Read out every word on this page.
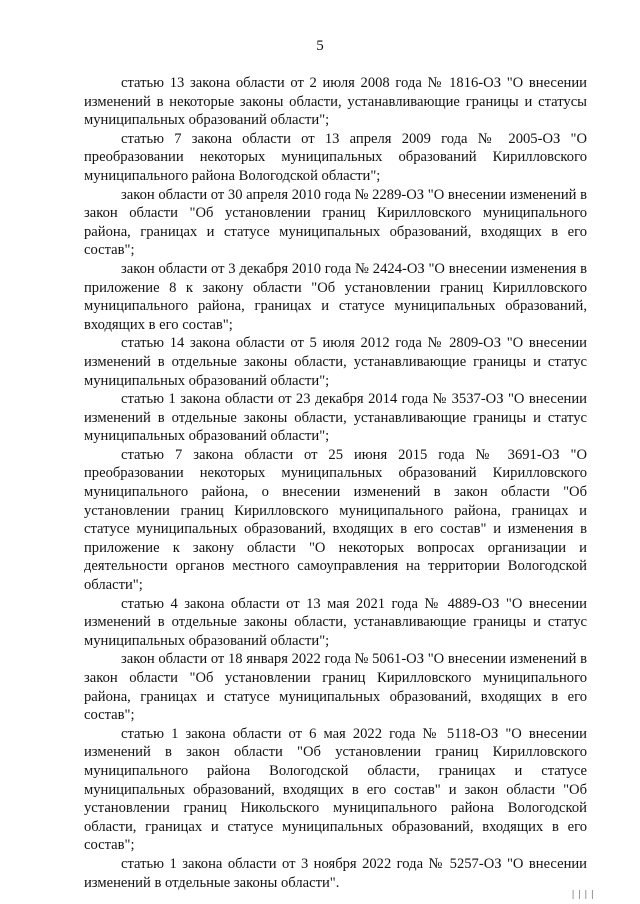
5

статью 13 закона области от 2 июля 2008 года № 1816-ОЗ "О внесении изменений в некоторые законы области, устанавливающие границы и статусы муниципальных образований области";

статью 7 закона области от 13 апреля 2009 года № 2005-ОЗ "О преобразовании некоторых муниципальных образований Кирилловского муниципального района Вологодской области";

закон области от 30 апреля 2010 года № 2289-ОЗ "О внесении изменений в закон области "Об установлении границ Кирилловского муниципального района, границах и статусе муниципальных образований, входящих в его состав";

закон области от 3 декабря 2010 года № 2424-ОЗ "О внесении изменения в приложение 8 к закону области "Об установлении границ Кирилловского муниципального района, границах и статусе муниципальных образований, входящих в его состав";

статью 14 закона области от 5 июля 2012 года № 2809-ОЗ "О внесении изменений в отдельные законы области, устанавливающие границы и статус муниципальных образований области";

статью 1 закона области от 23 декабря 2014 года № 3537-ОЗ "О внесении изменений в отдельные законы области, устанавливающие границы и статус муниципальных образований области";

статью 7 закона области от 25 июня 2015 года № 3691-ОЗ "О преобразовании некоторых муниципальных образований Кирилловского муниципального района, о внесении изменений в закон области "Об установлении границ Кирилловского муниципального района, границах и статусе муниципальных образований, входящих в его состав" и изменения в приложение к закону области "О некоторых вопросах организации и деятельности органов местного самоуправления на территории Вологодской области";

статью 4 закона области от 13 мая 2021 года № 4889-ОЗ "О внесении изменений в отдельные законы области, устанавливающие границы и статус муниципальных образований области";

закон области от 18 января 2022 года № 5061-ОЗ "О внесении изменений в закон области "Об установлении границ Кирилловского муниципального района, границах и статусе муниципальных образований, входящих в его состав";

статью 1 закона области от 6 мая 2022 года № 5118-ОЗ "О внесении изменений в закон области "Об установлении границ Кирилловского муниципального района Вологодской области, границах и статусе муниципальных образований, входящих в его состав" и закон области "Об установлении границ Никольского муниципального района Вологодской области, границах и статусе муниципальных образований, входящих в его состав";

статью 1 закона области от 3 ноября 2022 года № 5257-ОЗ "О внесении изменений в отдельные законы области".

||||
